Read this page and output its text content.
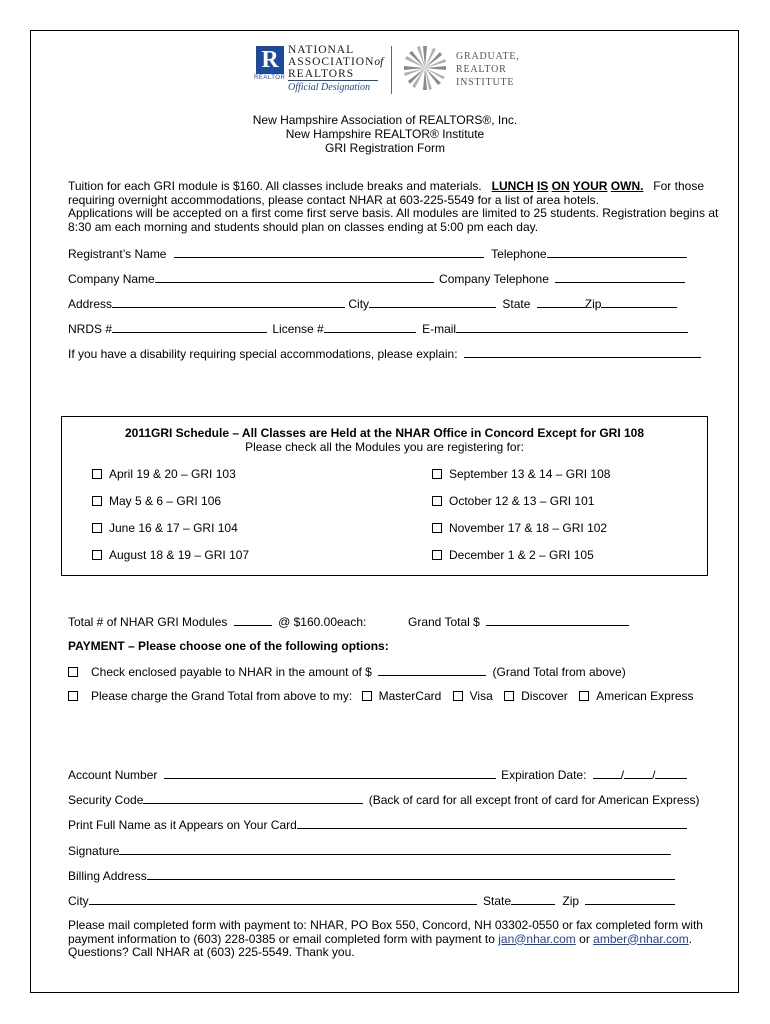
R
REALTOR
NATIONAL
ASSOCIATIONof
REALTORS
Official Designation
GRADUATE,
REALTOR
INSTITUTE
New Hampshire Association of REALTORS®, Inc.
New Hampshire REALTOR® Institute
GRI Registration Form
Tuition for each GRI module is $160. All classes include breaks and materials. LUNCH IS ON YOUR OWN. For those
requiring overnight accommodations, please contact NHAR at 603-225-5549 for a list of area hotels.
Applications will be accepted on a first come first serve basis. All modules are limited to 25 students. Registration begins at
8:30 am each morning and students should plan on classes ending at 5:00 pm each day.
Registrant’s Name	Telephone
Company Name	Company Telephone
Address	City	State	Zip
NRDS #	License #	E-mail
If you have a disability requiring special accommodations, please explain:
2011GRI Schedule – All Classes are Held at the NHAR Office in Concord Except for GRI 108
Please check all the Modules you are registering for:
April 19 & 20 – GRI 103
May 5 & 6 – GRI 106
June 16 & 17 – GRI 104
August 18 & 19 – GRI 107
September 13 & 14 – GRI 108
October 12 & 13 – GRI 101
November 17 & 18 – GRI 102
December 1 & 2 – GRI 105
Total # of NHAR GRI Modules	@ $160.00each:	Grand Total $
PAYMENT – Please choose one of the following options:
Check enclosed payable to NHAR in the amount of $	(Grand Total from above)
Please charge the Grand Total from above to my: MasterCard Visa Discover American Express
Account Number	Expiration Date:	/ /
Security Code	(Back of card for all except front of card for American Express)
Print Full Name as it Appears on Your Card
Signature
Billing Address
City	State	Zip
Please mail completed form with payment to: NHAR, PO Box 550, Concord, NH 03302-0550 or fax completed form with
payment information to (603) 228-0385 or email completed form with payment to jan@nhar.com or amber@nhar.com.
Questions? Call NHAR at (603) 225-5549. Thank you.
